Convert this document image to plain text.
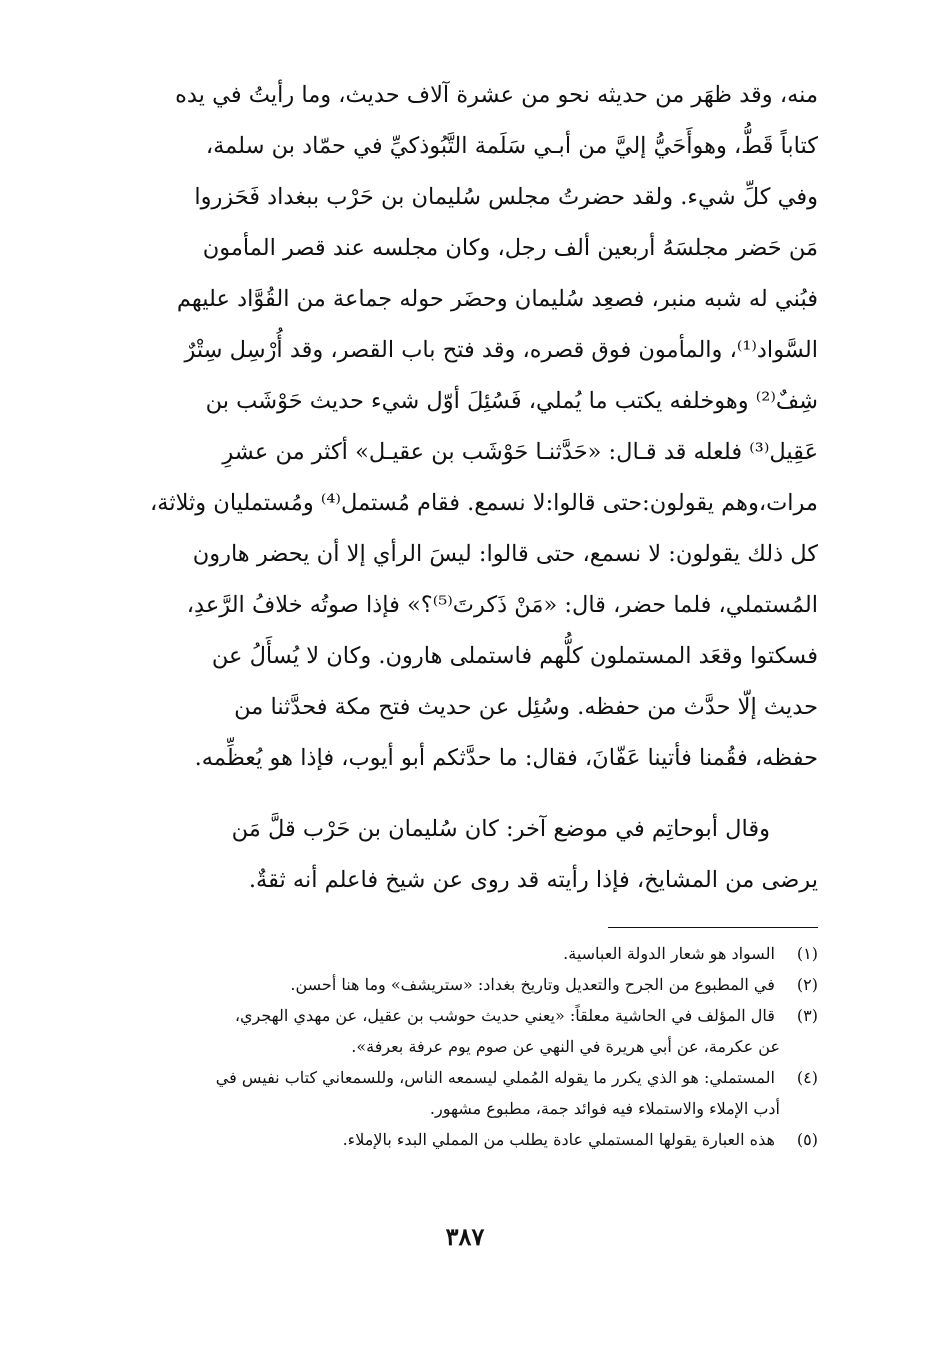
منه، وقد ظهَر من حديثه نحو من عشرة آلاف حديث، وما رأيتُ في يده
كتاباً قَطُّ، وهوأَحَيُّ إليَّ من أبـي سَلَمة التَّبُوذكيِّ في حمّاد بن سلمة،
وفي كلِّ شيء. ولقد حضرتُ مجلس سُليمان بن حَرْب ببغداد فَحَزروا
مَن حَضر مجلسَهُ أربعين ألف رجل، وكان مجلسه عند قصر المأمون
فبُني له شبه منبر، فصعِد سُليمان وحضَر حوله جماعة من القُوَّاد عليهم
السَّواد⁽¹⁾، والمأمون فوق قصره، وقد فتح باب القصر، وقد أُرْسِل سِتْرٌ
شِفٌ⁽²⁾ وهوخلفه يكتب ما يُملي، فَسُئِلَ أوّل شيء حديث حَوْشَب بن
عَقِيل⁽³⁾ فلعله قد قـال: «حَدَّثنـا حَوْشَب بن عقيـل» أكثر من عشرِ
مرات،وهم يقولون:حتى قالوا:لا نسمع. فقام مُستمل⁽⁴⁾ ومُستمليان وثلاثة،
كل ذلك يقولون: لا نسمع، حتى قالوا: ليسَ الرأي إلا أن يحضر هارون
المُستملي، فلما حضر، قال: «مَنْ ذَكرتَ⁽⁵⁾؟» فإذا صوتُه خلافُ الرَّعدِ،
فسكتوا وقعَد المستملون كلُّهم فاستملى هارون. وكان لا يُسأَلُ عن
حديث إلّا حدَّث من حفظه. وسُئِل عن حديث فتح مكة فحدَّثنا من
حفظه، فقُمنا فأتينا عَفّانَ، فقال: ما حدَّثكم أبو أيوب، فإذا هو يُعظِّمه.
وقال أبوحاتِم في موضع آخر: كان سُليمان بن حَرْب قلَّ مَن
يرضى من المشايخ، فإذا رأيته قد روى عن شيخ فاعلم أنه ثقةٌ.
(١) السواد هو شعار الدولة العباسية.
(٢) في المطبوع من الجرح والتعديل وتاريخ بغداد: «ستريشف» وما هنا أحسن.
(٣) قال المؤلف في الحاشية معلقاً: «يعني حديث حوشب بن عقيل، عن مهدي الهجري،
عن عكرمة، عن أبي هريرة في النهي عن صوم يوم عرفة بعرفة».
(٤) المستملي: هو الذي يكرر ما يقوله المُملي ليسمعه الناس، وللسمعاني كتاب نفيس في
أدب الإملاء والاستملاء فيه فوائد جمة، مطبوع مشهور.
(٥) هذه العبارة يقولها المستملي عادة يطلب من المملي البدء بالإملاء.
٣٨٧
